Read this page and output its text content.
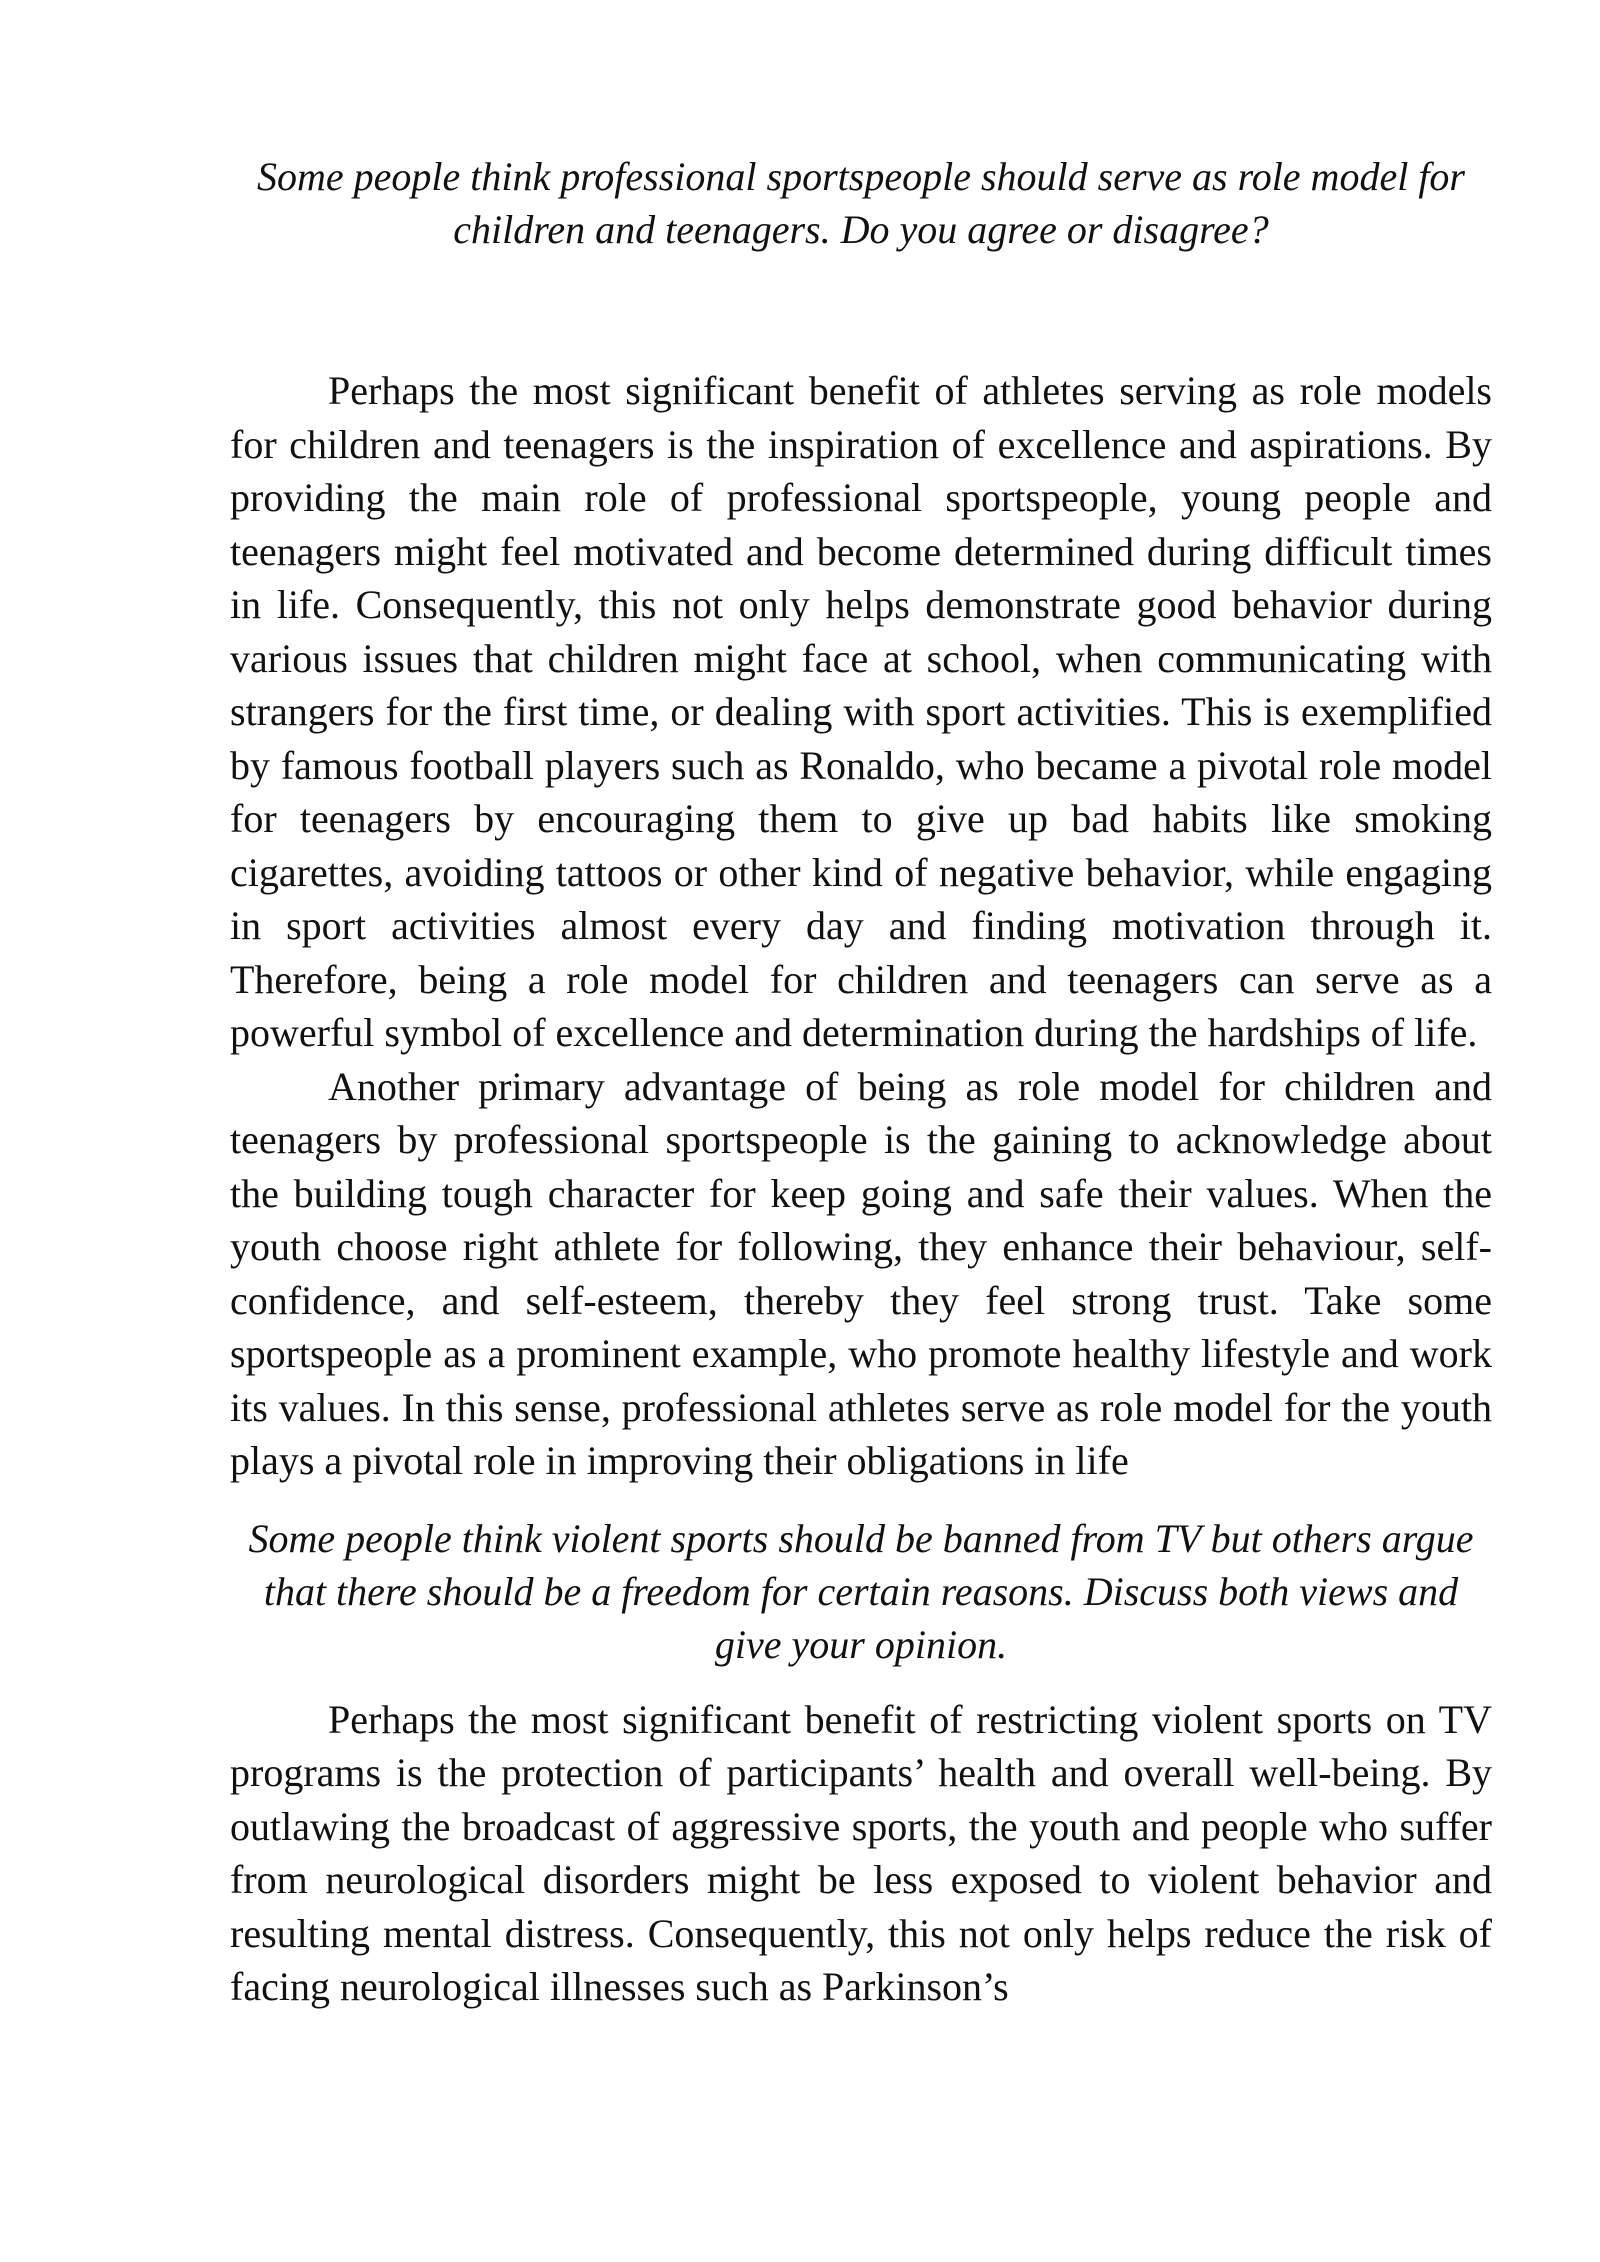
Some people think professional sportspeople should serve as role model for children and teenagers. Do you agree or disagree?

Perhaps the most significant benefit of athletes serving as role models for children and teenagers is the inspiration of excellence and aspirations. By providing the main role of professional sportspeople, young people and teenagers might feel motivated and become determined during difficult times in life. Consequently, this not only helps demonstrate good behavior during various issues that children might face at school, when communicating with strangers for the first time, or dealing with sport activities. This is exemplified by famous football players such as Ronaldo, who became a pivotal role model for teenagers by encouraging them to give up bad habits like smoking cigarettes, avoiding tattoos or other kind of negative behavior, while engaging in sport activities almost every day and finding motivation through it. Therefore, being a role model for children and teenagers can serve as a powerful symbol of excellence and determination during the hardships of life.

Another primary advantage of being as role model for children and teenagers by professional sportspeople is the gaining to acknowledge about the building tough character for keep going and safe their values. When the youth choose right athlete for following, they enhance their behaviour, self-confidence, and self-esteem, thereby they feel strong trust. Take some sportspeople as a prominent example, who promote healthy lifestyle and work its values. In this sense, professional athletes serve as role model for the youth plays a pivotal role in improving their obligations in life

Some people think violent sports should be banned from TV but others argue that there should be a freedom for certain reasons. Discuss both views and give your opinion.

Perhaps the most significant benefit of restricting violent sports on TV programs is the protection of participants’ health and overall well-being. By outlawing the broadcast of aggressive sports, the youth and people who suffer from neurological disorders might be less exposed to violent behavior and resulting mental distress. Consequently, this not only helps reduce the risk of facing neurological illnesses such as Parkinson’s
